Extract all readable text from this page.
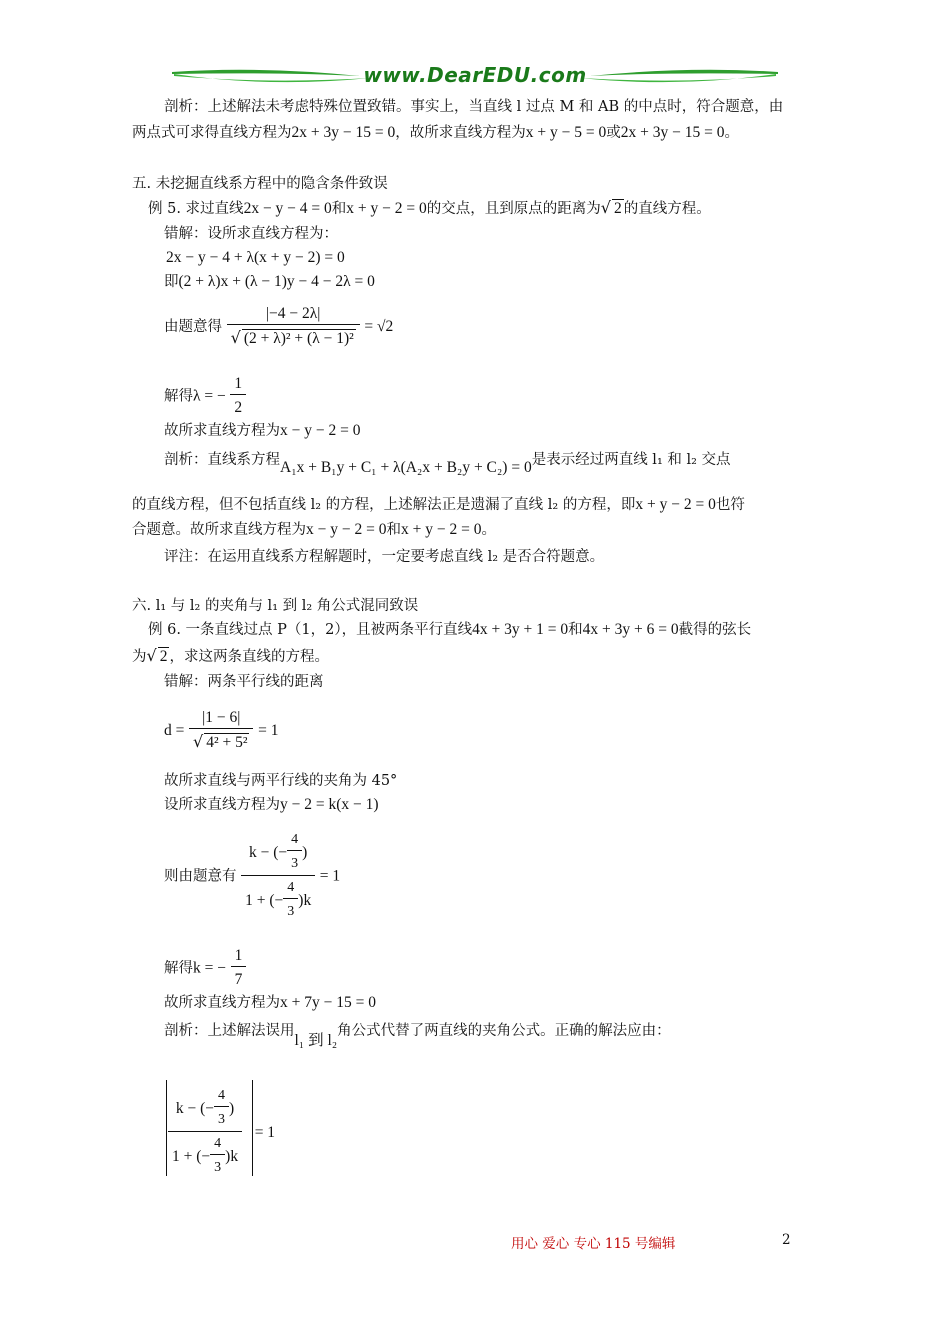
www.DearEDU.com
剖析：上述解法未考虑特殊位置致错。事实上，当直线 l 过点 M 和 AB 的中点时，符合题意，由
两点式可求得直线方程为2x + 3y − 15 = 0，故所求直线方程为x + y − 5 = 0或2x + 3y − 15 = 0。
五. 未挖掘直线系方程中的隐含条件致误
例 5. 求过直线2x − y − 4 = 0和x + y − 2 = 0的交点，且到原点的距离为√ 2 的直线方程。
错解：设所求直线方程为：
2x − y − 4 + λ(x + y − 2) = 0
即(2 + λ)x + (λ − 1)y − 4 − 2λ = 0
由题意得 $\frac{|-4 - 2\lambda|}{\text{√ (2 + λ)² + (λ − 1)²}} = √2$
解得λ = − $\frac{1}{2}$
故所求直线方程为x − y − 2 = 0
剖析：直线系方程A₁x + B₁y + C₁ + λ(A₂x + B₂y + C₂) = 0是表示经过两直线 l₁ 和 l₂ 交点
的直线方程，但不包括直线 l₂ 的方程，上述解法正是遗漏了直线 l₂ 的方程，即x + y − 2 = 0也符
合题意。故所求直线方程为x − y − 2 = 0和x + y − 2 = 0。
评注：在运用直线系方程解题时，一定要考虑直线 l₂ 是否合符题意。
六. l₁ 与 l₂ 的夹角与 l₁ 到 l₂ 角公式混同致误
例 6. 一条直线过点 P（1，2），且被两条平行直线4x + 3y + 1 = 0和4x + 3y + 6 = 0截得的弦长
为√ 2 ，求这两条直线的方程。
错解：两条平行线的距离
$d = \frac{|1 - 6|}{\text{√ 4² + 5²}} = 1$
故所求直线与两平行线的夹角为 45°
设所求直线方程为y − 2 = k(x − 1)
则由题意有 $\frac{k - (- \frac{4}{3} )}{1 + (- \frac{4}{3} ) k} = 1$
解得k = − $\frac{1}{7}$
故所求直线方程为x + 7y − 15 = 0
剖析：上述解法误用l₁ 到 l₂角公式代替了两直线的夹角公式。正确的解法应由：
$\frac{k - (- \frac{4}{3} )}{1 + (- \frac{4}{3} ) k} = 1$
用心 爱心 专心 115 号编辑	2
